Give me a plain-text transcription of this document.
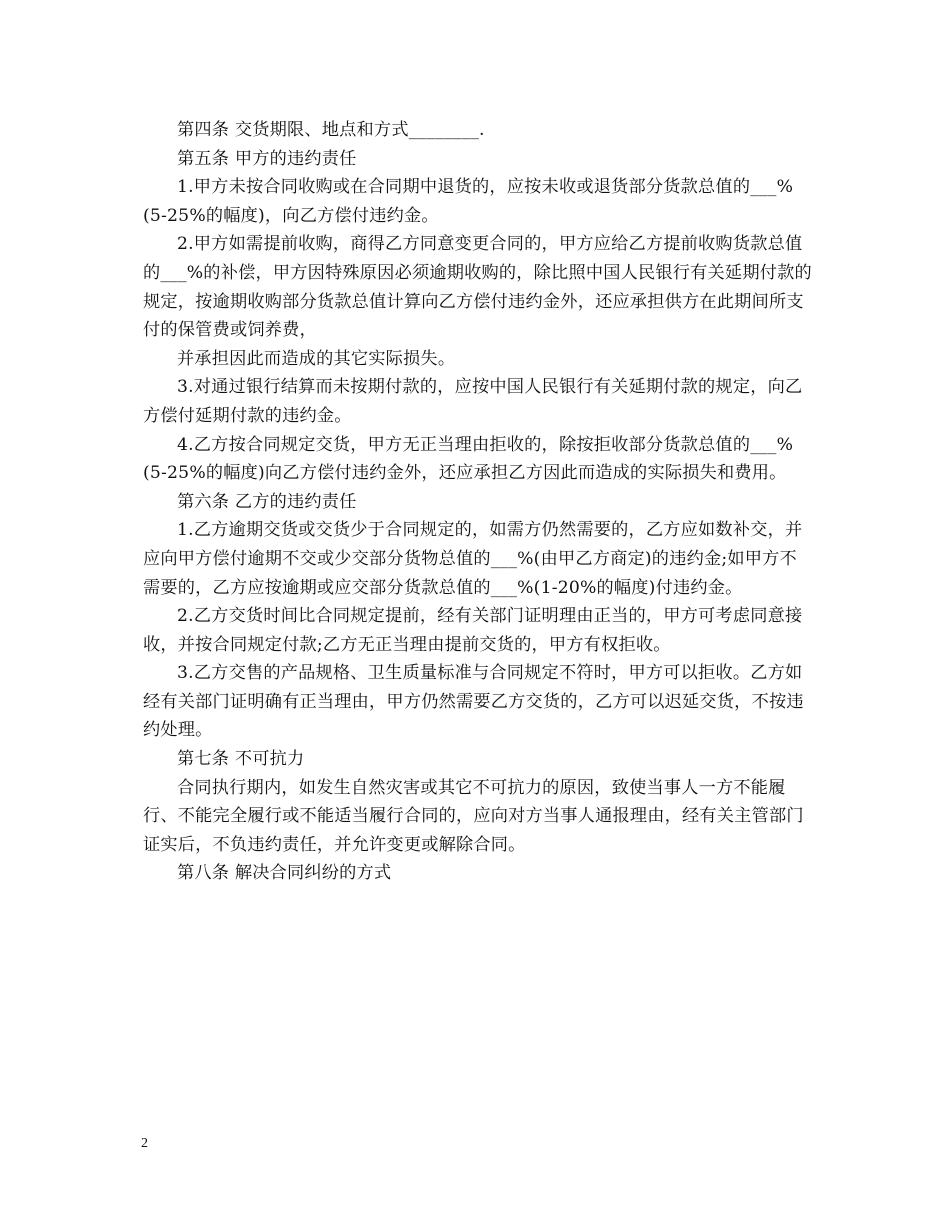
第四条 交货期限、地点和方式________.

第五条 甲方的违约责任

1.甲方未按合同收购或在合同期中退货的，应按未收或退货部分货款总值的___%(5-25%的幅度)，向乙方偿付违约金。

2.甲方如需提前收购，商得乙方同意变更合同的，甲方应给乙方提前收购货款总值的___%的补偿，甲方因特殊原因必须逾期收购的，除比照中国人民银行有关延期付款的规定，按逾期收购部分货款总值计算向乙方偿付违约金外，还应承担供方在此期间所支付的保管费或饲养费，

并承担因此而造成的其它实际损失。

3.对通过银行结算而未按期付款的，应按中国人民银行有关延期付款的规定，向乙方偿付延期付款的违约金。

4.乙方按合同规定交货，甲方无正当理由拒收的，除按拒收部分货款总值的___%(5-25%的幅度)向乙方偿付违约金外，还应承担乙方因此而造成的实际损失和费用。

第六条 乙方的违约责任

1.乙方逾期交货或交货少于合同规定的，如需方仍然需要的，乙方应如数补交，并应向甲方偿付逾期不交或少交部分货物总值的___%(由甲乙方商定)的违约金;如甲方不需要的，乙方应按逾期或应交部分货款总值的___%(1-20%的幅度)付违约金。

2.乙方交货时间比合同规定提前，经有关部门证明理由正当的，甲方可考虑同意接收，并按合同规定付款;乙方无正当理由提前交货的，甲方有权拒收。

3.乙方交售的产品规格、卫生质量标准与合同规定不符时，甲方可以拒收。乙方如经有关部门证明确有正当理由，甲方仍然需要乙方交货的，乙方可以迟延交货，不按违约处理。

第七条 不可抗力

合同执行期内，如发生自然灾害或其它不可抗力的原因，致使当事人一方不能履行、不能完全履行或不能适当履行合同的，应向对方当事人通报理由，经有关主管部门证实后，不负违约责任，并允许变更或解除合同。

第八条 解决合同纠纷的方式

2
